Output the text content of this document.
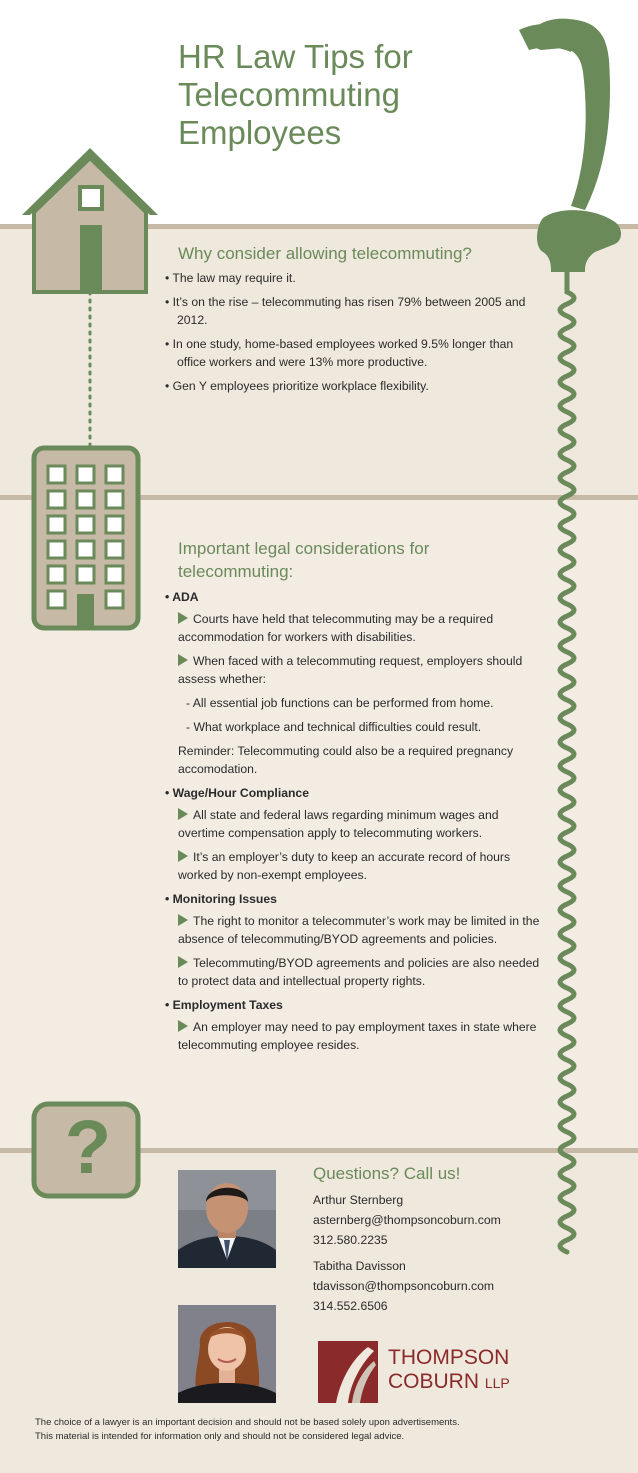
?
HR Law Tips for
Telecommuting
Employees
Why consider allowing telecommuting?

• The law may require it.

• It’s on the rise – telecommuting has risen 79% between 2005 and 2012.

• In one study, home-based employees worked 9.5% longer than office workers and were 13% more productive.

• Gen Y employees prioritize workplace flexibility.

Important legal considerations for
telecommuting:

• ADA

Courts have held that telecommuting may be a required accommodation for workers with disabilities.

When faced with a telecommuting request, employers should assess whether:

- All essential job functions can be performed from home.

- What workplace and technical difficulties could result.

Reminder: Telecommuting could also be a required pregnancy accomodation.

• Wage/Hour Compliance

All state and federal laws regarding minimum wages and overtime compensation apply to telecommuting workers.

It’s an employer’s duty to keep an accurate record of hours worked by non-exempt employees.

• Monitoring Issues

The right to monitor a telecommuter’s work may be limited in the absence of telecommuting/BYOD agreements and policies.

Telecommuting/BYOD agreements and policies are also needed to protect data and intellectual property rights.

• Employment Taxes

An employer may need to pay employment taxes in state where telecommuting employee resides.

Questions? Call us!

Arthur Sternberg

asternberg@thompsoncoburn.com

312.580.2235

Tabitha Davisson

tdavisson@thompsoncoburn.com

314.552.6506

THOMPSON
COBURN LLP
The choice of a lawyer is an important decision and should not be based solely upon advertisements.
This material is intended for information only and should not be considered legal advice.
